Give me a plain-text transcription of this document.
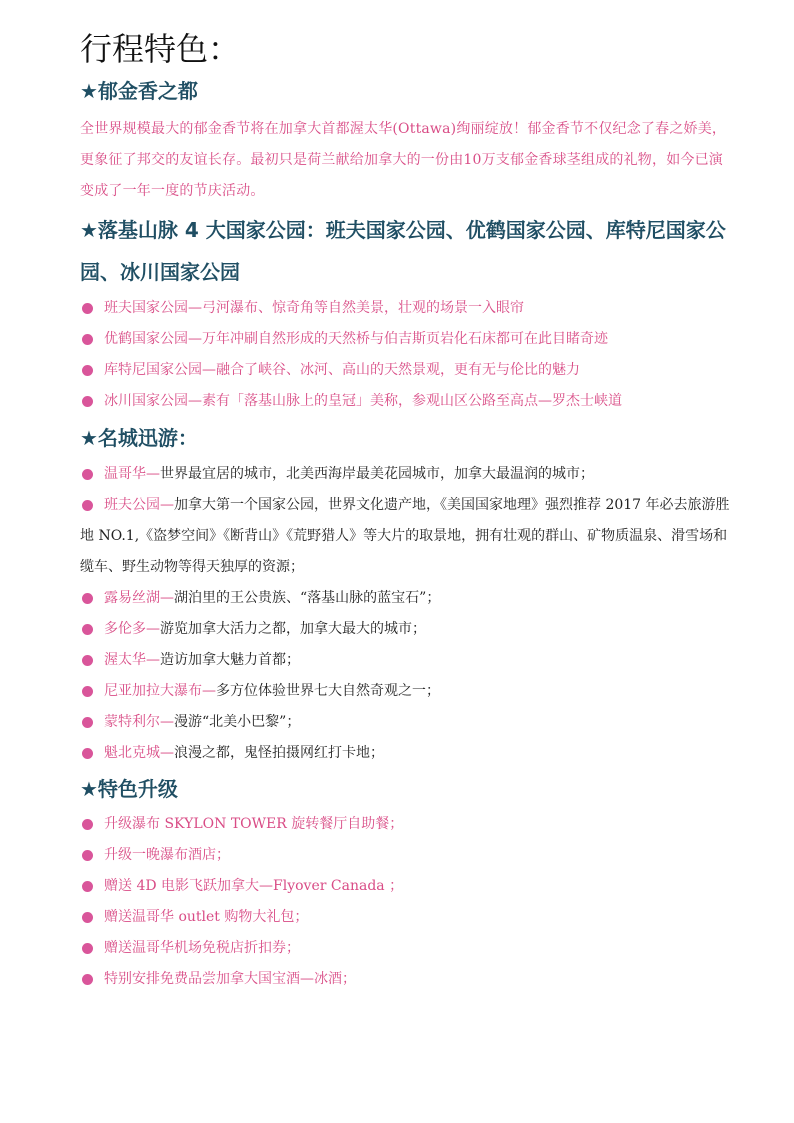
行程特色：
★郁金香之都

全世界规模最大的郁金香节将在加拿大首都渥太华(Ottawa)绚丽绽放！郁金香节不仅纪念了春之娇美，更象征了邦交的友谊长存。最初只是荷兰献给加拿大的一份由10万支郁金香球茎组成的礼物，如今已演变成了一年一度的节庆活动。

★落基山脉 4 大国家公园：班夫国家公园、优鹤国家公园、库特尼国家公园、冰川国家公园
班夫国家公园—弓河瀑布、惊奇角等自然美景，壮观的场景一入眼帘
优鹤国家公园—万年冲刷自然形成的天然桥与伯吉斯页岩化石床都可在此目睹奇迹
库特尼国家公园—融合了峡谷、冰河、高山的天然景观，更有无与伦比的魅力
冰川国家公园—素有「落基山脉上的皇冠」美称，参观山区公路至高点—罗杰士峡道
★名城迅游：
温哥华—世界最宜居的城市，北美西海岸最美花园城市，加拿大最温润的城市；
班夫公园—加拿大第一个国家公园，世界文化遗产地，《美国国家地理》强烈推荐 2017 年必去旅游胜地 NO.1,《盗梦空间》《断背山》《荒野猎人》等大片的取景地，拥有壮观的群山、矿物质温泉、滑雪场和缆车、野生动物等得天独厚的资源；
露易丝湖—湖泊里的王公贵族、“落基山脉的蓝宝石”；
多伦多—游览加拿大活力之都，加拿大最大的城市；
渥太华—造访加拿大魅力首都；
尼亚加拉大瀑布—多方位体验世界七大自然奇观之一；
蒙特利尔—漫游“北美小巴黎”；
魁北克城—浪漫之都，鬼怪拍摄网红打卡地；
★特色升级
升级瀑布 SKYLON TOWER 旋转餐厅自助餐；
升级一晚瀑布酒店；
赠送 4D 电影飞跃加拿大—Flyover Canada ；
赠送温哥华 outlet 购物大礼包；
赠送温哥华机场免税店折扣券；
特别安排免费品尝加拿大国宝酒—冰酒；
